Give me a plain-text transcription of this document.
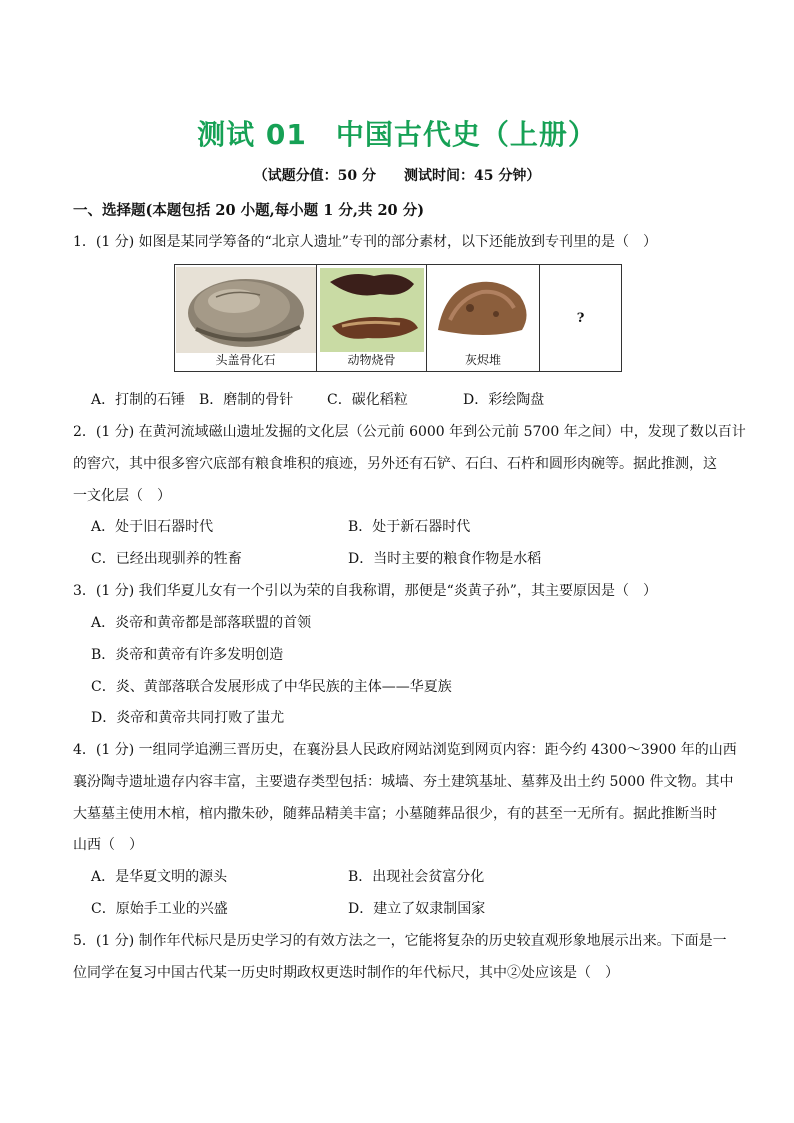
测试 01　中国古代史（上册）
（试题分值：50 分　　测试时间：45 分钟）
一、选择题(本题包括 20 小题,每小题 1 分,共 20 分)
1．(1 分) 如图是某同学筹备的“北京人遗址”专刊的部分素材，以下还能放到专刊里的是（　）
头盖骨化石	动物烧骨	灰烬堆
?
A．打制的石锤 B．磨制的骨针 C．碳化稻粒	D．彩绘陶盘
2．(1 分) 在黄河流域磁山遗址发掘的文化层（公元前 6000 年到公元前 5700 年之间）中，发现了数以百计
的窖穴，其中很多窖穴底部有粮食堆积的痕迹，另外还有石铲、石臼、石杵和圆形肉碗等。据此推测，这
一文化层（　）
A．处于旧石器时代	B．处于新石器时代
C．已经出现驯养的牲畜	D．当时主要的粮食作物是水稻
3．(1 分) 我们华夏儿女有一个引以为荣的自我称谓，那便是“炎黄子孙”，其主要原因是（　）
A．炎帝和黄帝都是部落联盟的首领
B．炎帝和黄帝有许多发明创造
C．炎、黄部落联合发展形成了中华民族的主体——华夏族
D．炎帝和黄帝共同打败了蚩尤
4．(1 分) 一组同学追溯三晋历史，在襄汾县人民政府网站浏览到网页内容：距今约 4300～3900 年的山西
襄汾陶寺遗址遗存内容丰富，主要遗存类型包括：城墙、夯土建筑基址、墓葬及出土约 5000 件文物。其中
大墓墓主使用木棺，棺内撒朱砂，随葬品精美丰富；小墓随葬品很少，有的甚至一无所有。据此推断当时
山西（　）
A．是华夏文明的源头	B．出现社会贫富分化
C．原始手工业的兴盛	D．建立了奴隶制国家
5．(1 分) 制作年代标尺是历史学习的有效方法之一，它能将复杂的历史较直观形象地展示出来。下面是一
位同学在复习中国古代某一历史时期政权更迭时制作的年代标尺，其中②处应该是（　）
